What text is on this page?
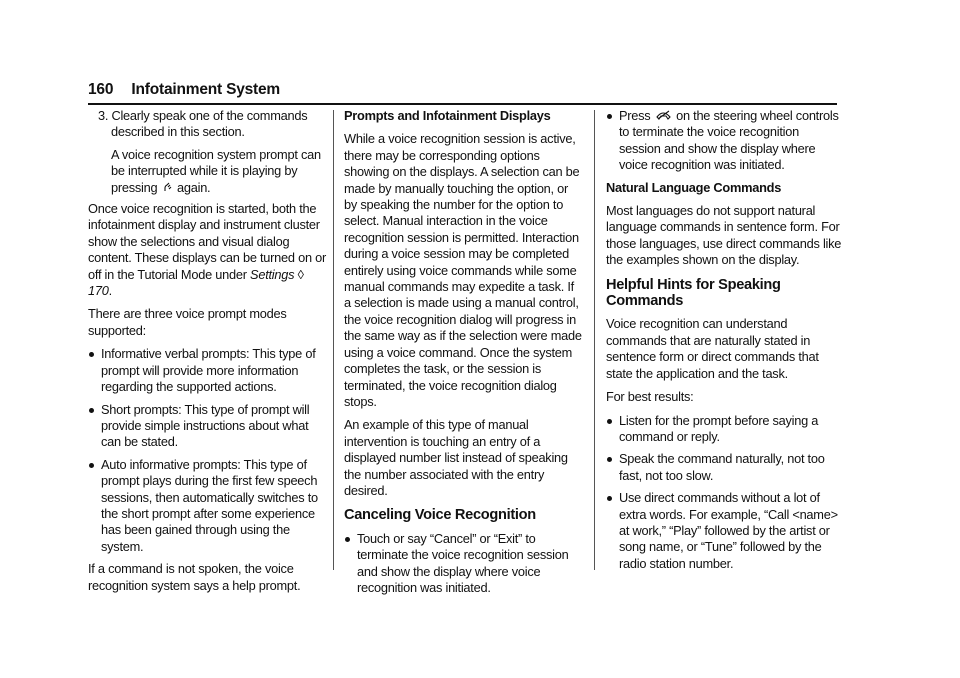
160 Infotainment System

3. Clearly speak one of the commands described in this section.

A voice recognition system prompt can be interrupted while it is playing by pressing again.

Once voice recognition is started, both the infotainment display and instrument cluster show the selections and visual dialog content. These displays can be turned on or off in the Tutorial Mode under Settings ◊ 170.

There are three voice prompt modes supported:

Informative verbal prompts: This type of prompt will provide more information regarding the supported actions.
Short prompts: This type of prompt will provide simple instructions about what can be stated.
Auto informative prompts: This type of prompt plays during the first few speech sessions, then automatically switches to the short prompt after some experience has been gained through using the system.

If a command is not spoken, the voice recognition system says a help prompt.

Prompts and Infotainment Displays

While a voice recognition session is active, there may be corresponding options showing on the displays. A selection can be made by manually touching the option, or by speaking the number for the option to select. Manual interaction in the voice recognition session is permitted. Interaction during a voice session may be completed entirely using voice commands while some manual commands may expedite a task. If a selection is made using a manual control, the voice recognition dialog will progress in the same way as if the selection were made using a voice command. Once the system completes the task, or the session is terminated, the voice recognition dialog stops.

An example of this type of manual intervention is touching an entry of a displayed number list instead of speaking the number associated with the entry desired.

Canceling Voice Recognition

Touch or say “Cancel” or “Exit” to terminate the voice recognition session and show the display where voice recognition was initiated.
Press on the steering wheel controls to terminate the voice recognition session and show the display where voice recognition was initiated.

Natural Language Commands

Most languages do not support natural language commands in sentence form. For those languages, use direct commands like the examples shown on the display.

Helpful Hints for Speaking Commands

Voice recognition can understand commands that are naturally stated in sentence form or direct commands that state the application and the task.

For best results:

Listen for the prompt before saying a command or reply.
Speak the command naturally, not too fast, not too slow.
Use direct commands without a lot of extra words. For example, “Call <name> at work,” “Play” followed by the artist or song name, or “Tune” followed by the radio station number.
